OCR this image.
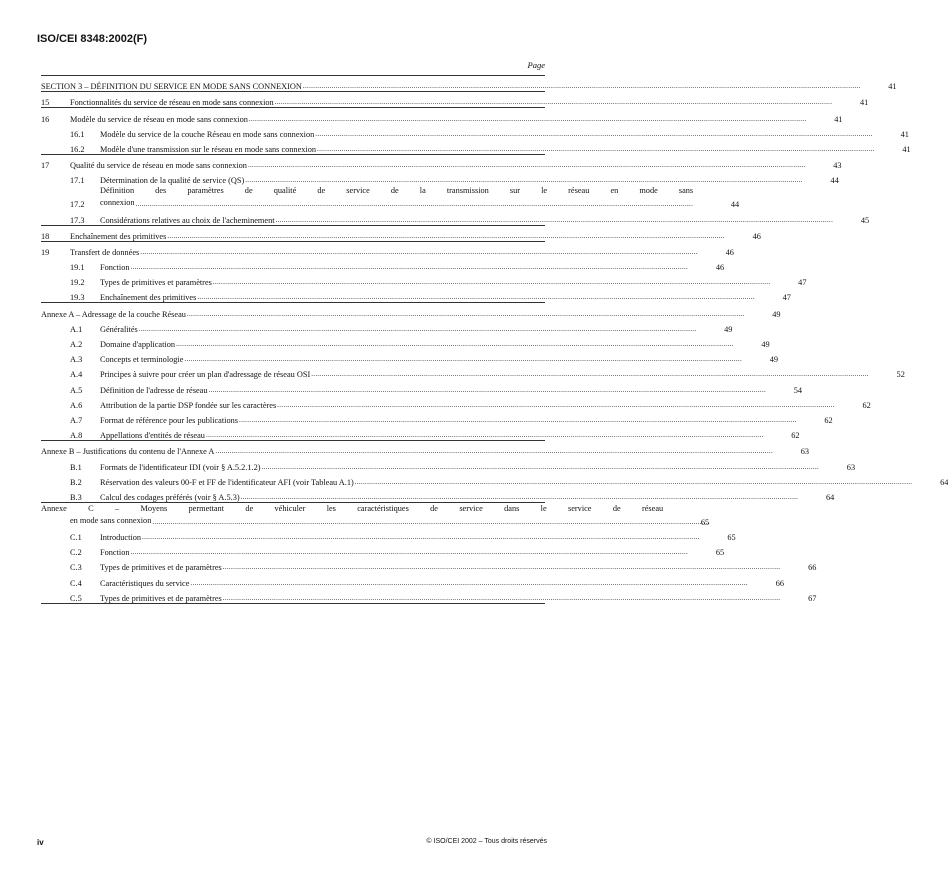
ISO/CEI 8348:2002(F)
Page
SECTION 3 – DÉFINITION DU SERVICE EN MODE SANS CONNEXION .....	41
15	Fonctionnalités du service de réseau en mode sans connexion .....	41
16	Modèle du service de réseau en mode sans connexion .....	41
16.1	Modèle du service de la couche Réseau en mode sans connexion .....	41
16.2	Modèle d'une transmission sur le réseau en mode sans connexion .....	41
17	Qualité du service de réseau en mode sans connexion .....	43
17.1	Détermination de la qualité de service (QS) .....	44
17.2
Définition des paramètres de qualité de service de la transmission sur le réseau en mode sans
connexion .....	44
17.3	Considérations relatives au choix de l'acheminement .....	45
18	Enchaînement des primitives .....	46
19	Transfert de données .....	46
19.1	Fonction .....	46
19.2	Types de primitives et paramètres .....	47
19.3	Enchaînement des primitives .....	47
Annexe A – Adressage de la couche Réseau .....	49
A.1	Généralités .....	49
A.2	Domaine d'application .....	49
A.3	Concepts et terminologie .....	49
A.4	Principes à suivre pour créer un plan d'adressage de réseau OSI .....	52
A.5	Définition de l'adresse de réseau .....	54
A.6	Attribution de la partie DSP fondée sur les caractères .....	62
A.7	Format de référence pour les publications .....	62
A.8	Appellations d'entités de réseau .....	62
Annexe B – Justifications du contenu de l'Annexe A .....	63
B.1	Formats de l'identificateur IDI (voir § A.5.2.1.2) .....	63
B.2	Réservation des valeurs 00-F et FF de l'identificateur AFI (voir Tableau A.1) .....	64
B.3	Calcul des codages préférés (voir § A.5.3) .....	64
Annexe C – Moyens permettant de véhiculer les caractéristiques de service dans le service de réseau
en mode sans connexion .....	65
C.1	Introduction .....	65
C.2	Fonction .....	65
C.3	Types de primitives et de paramètres .....	66
C.4	Caractéristiques du service .....	66
C.5	Types de primitives et de paramètres .....	67
iv	© ISO/CEI 2002 – Tous droits réservés
